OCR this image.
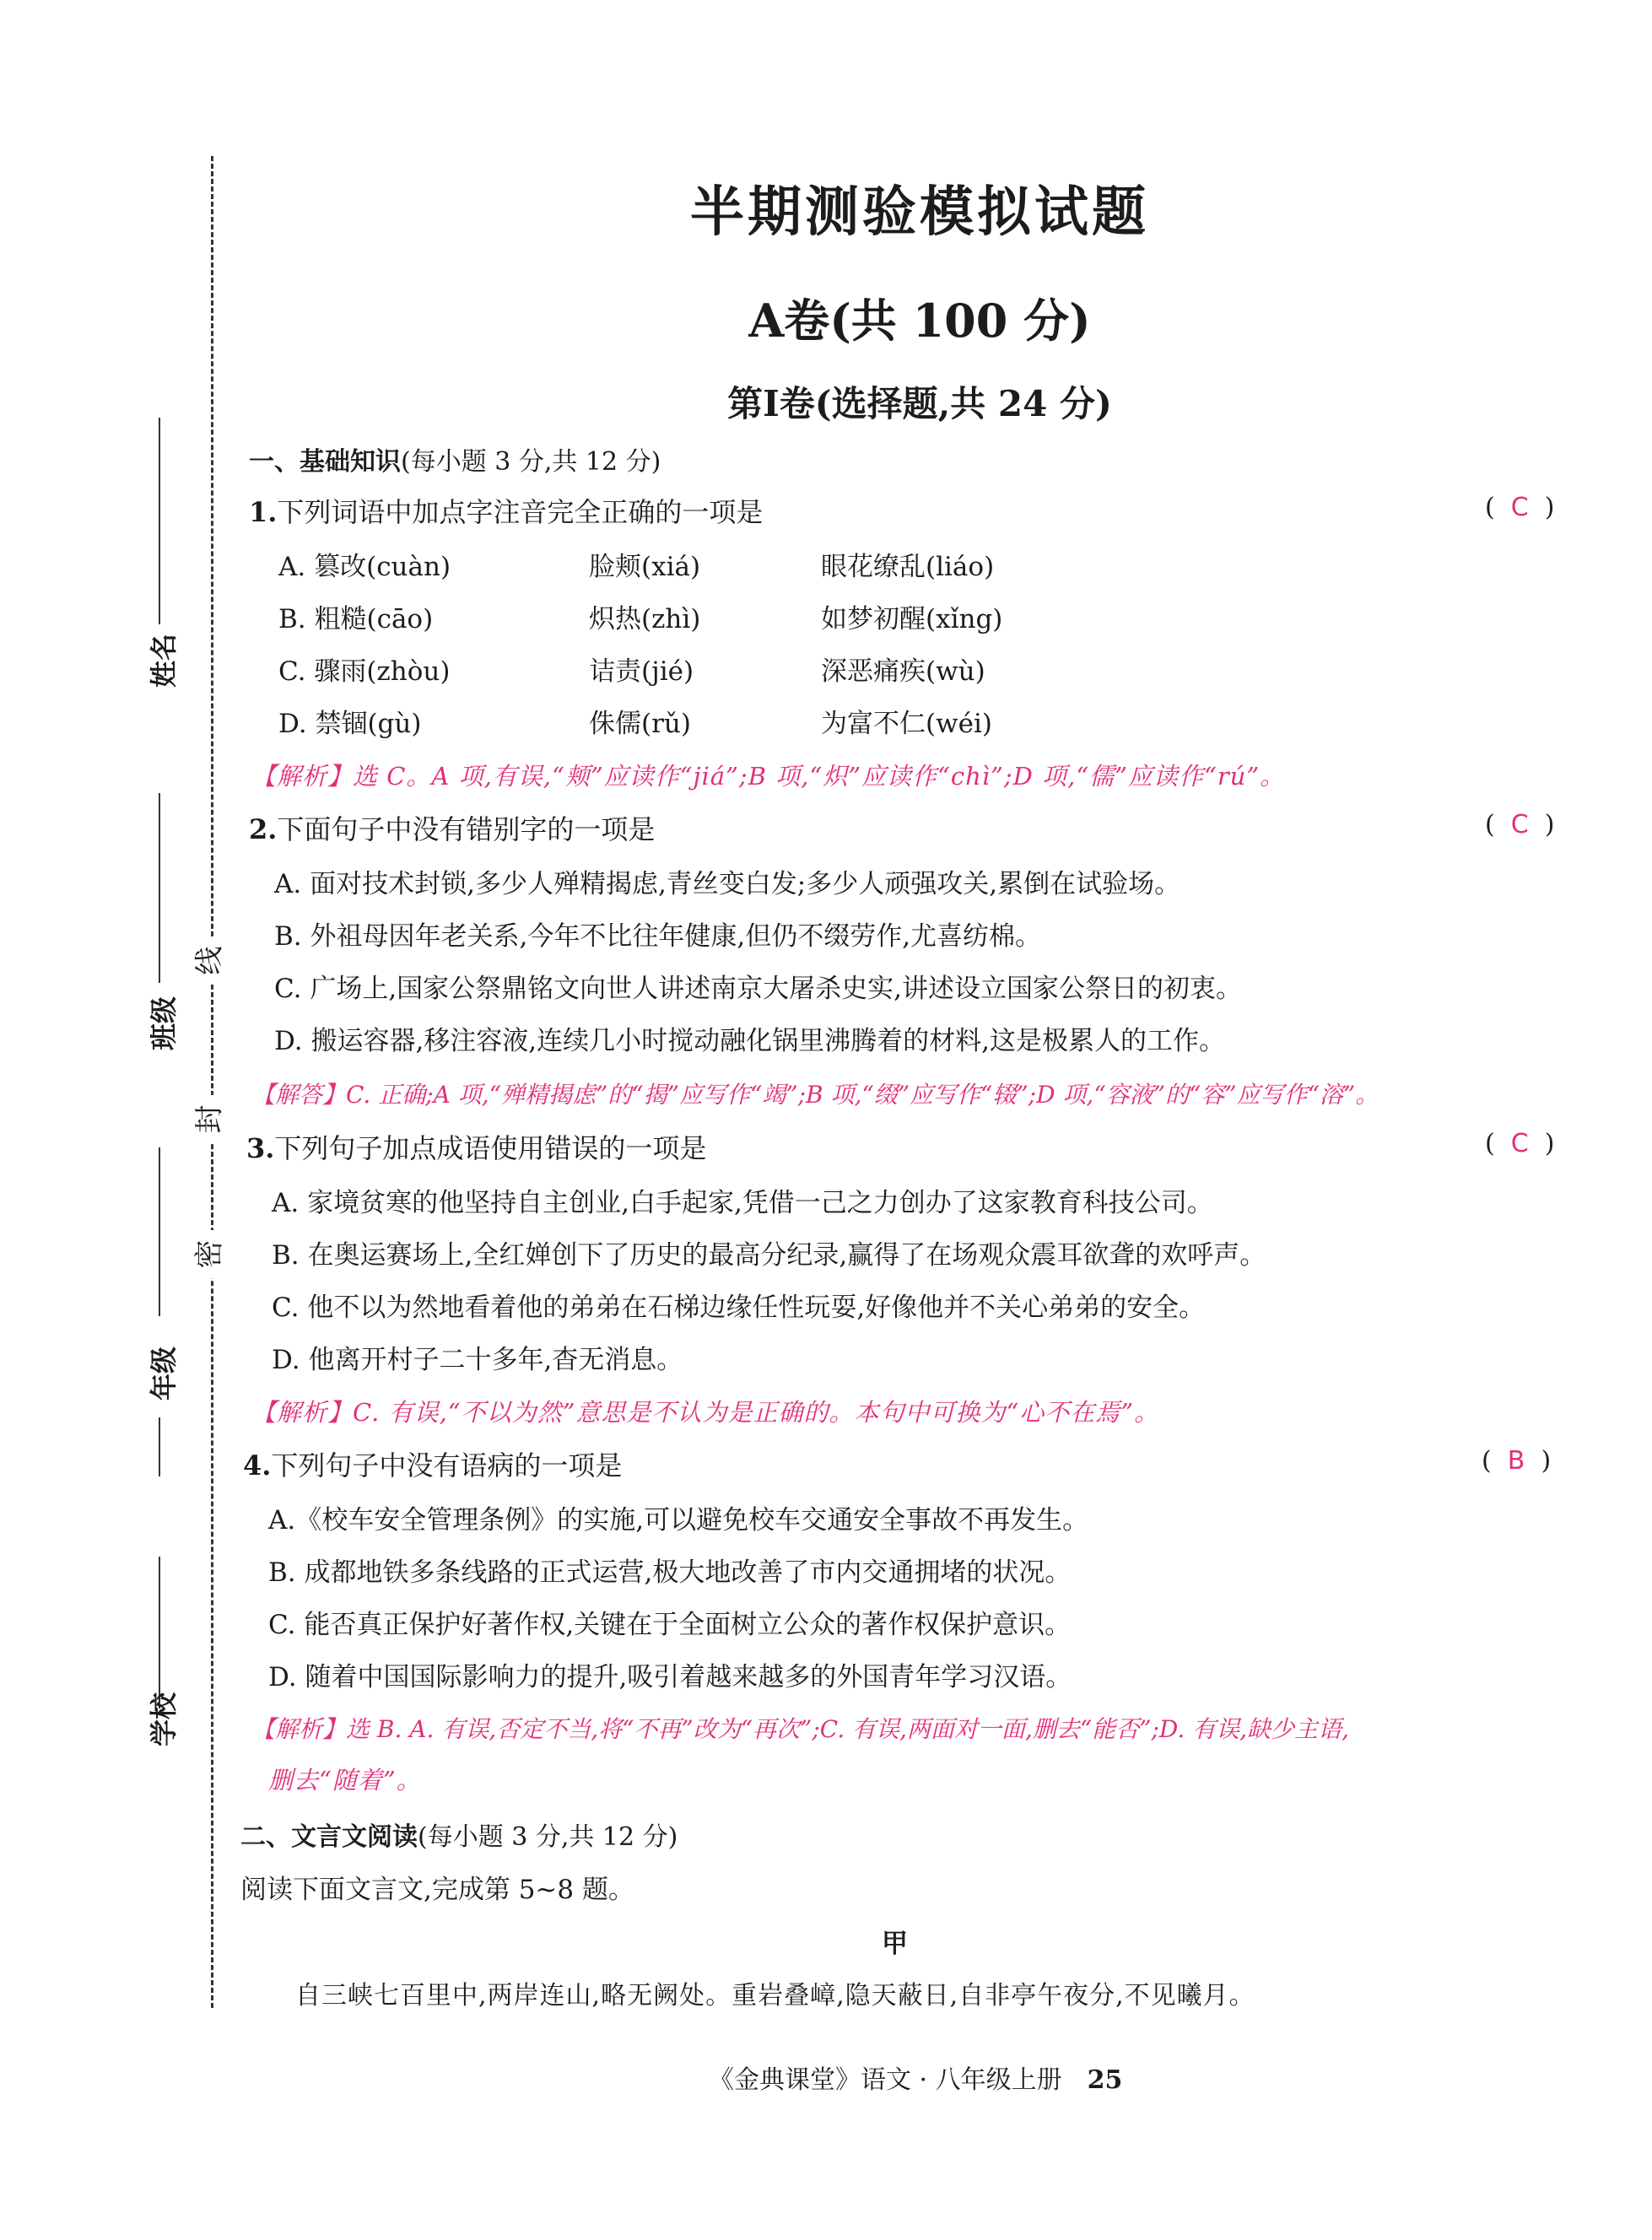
姓名
班级
年级
学校
线
封
密
半期测验模拟试题
A卷(共 100 分)
第Ⅰ卷(选择题,共 24 分)
一、基础知识(每小题 3 分,共 12 分)
1.下列词语中加点字注音完全正确的一项是	(  C  )
A. 篡改(cuàn)	脸颊(xiá)	眼花缭乱(liáo)
B. 粗糙(cāo)	炽热(zhì)	如梦初醒(xǐng)
C. 骤雨(zhòu)	诘责(jié)	深恶痛疾(wù)
D. 禁锢(gù)	侏儒(rǔ)	为富不仁(wéi)
【解析】选 C。A 项,有误,“颊”应读作“jiá”;B 项,“炽”应读作“chì”;D 项,“儒”应读作“rú”。
2.下面句子中没有错别字的一项是	(  C  )
A. 面对技术封锁,多少人殚精揭虑,青丝变白发;多少人顽强攻关,累倒在试验场。
B. 外祖母因年老关系,今年不比往年健康,但仍不缀劳作,尤喜纺棉。
C. 广场上,国家公祭鼎铭文向世人讲述南京大屠杀史实,讲述设立国家公祭日的初衷。
D. 搬运容器,移注容液,连续几小时搅动融化锅里沸腾着的材料,这是极累人的工作。
【解答】C. 正确;A 项,“殚精揭虑”的“揭”应写作“竭”;B 项,“缀”应写作“辍”;D 项,“容液”的“容”应写作“溶”。
3.下列句子加点成语使用错误的一项是	(  C  )
A. 家境贫寒的他坚持自主创业,白手起家,凭借一己之力创办了这家教育科技公司。
B. 在奥运赛场上,全红婵创下了历史的最高分纪录,赢得了在场观众震耳欲聋的欢呼声。
C. 他不以为然地看着他的弟弟在石梯边缘任性玩耍,好像他并不关心弟弟的安全。
D. 他离开村子二十多年,杳无消息。
【解析】C. 有误,“不以为然”意思是不认为是正确的。本句中可换为“心不在焉”。
4.下列句子中没有语病的一项是	(  B  )
A.《校车安全管理条例》的实施,可以避免校车交通安全事故不再发生。
B. 成都地铁多条线路的正式运营,极大地改善了市内交通拥堵的状况。
C. 能否真正保护好著作权,关键在于全面树立公众的著作权保护意识。
D. 随着中国国际影响力的提升,吸引着越来越多的外国青年学习汉语。
【解析】选 B. A. 有误,否定不当,将“不再”改为“再次”;C. 有误,两面对一面,删去“能否”;D. 有误,缺少主语,
删去“随着”。
二、文言文阅读(每小题 3 分,共 12 分)
阅读下面文言文,完成第 5~8 题。
甲
自三峡七百里中,两岸连山,略无阙处。重岩叠嶂,隐天蔽日,自非亭午夜分,不见曦月。
《金典课堂》语文 · 八年级上册 25
